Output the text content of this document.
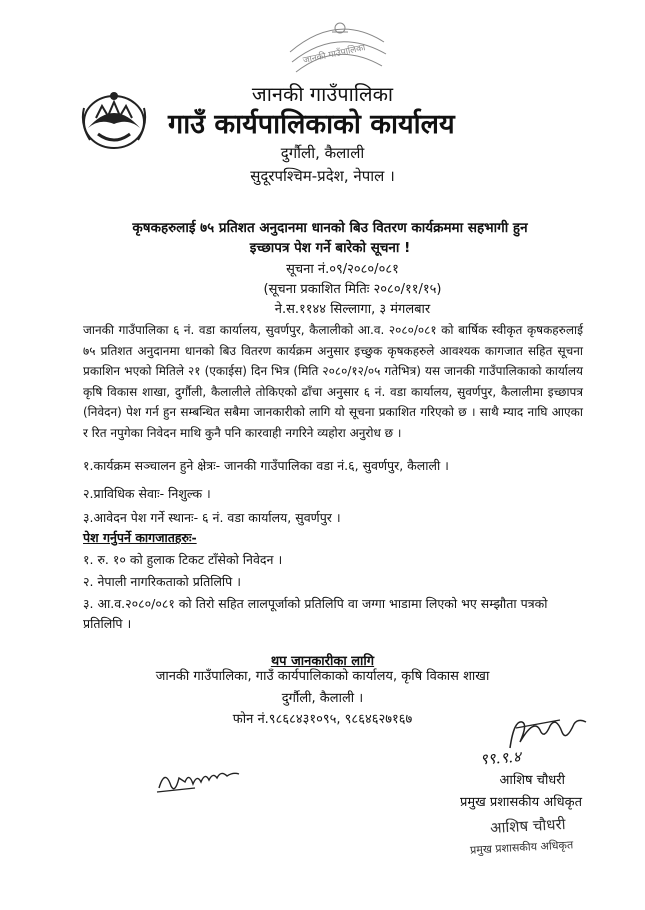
जानकी गाउँपालिका
जानकी गाउँपालिका
गाउँ कार्यपालिकाको कार्यालय
दुर्गौली, कैलाली
सुदूरपश्चिम-प्रदेश, नेपाल ।
कृषकहरुलाई ७५ प्रतिशत अनुदानमा धानको बिउ वितरण कार्यक्रममा सहभागी हुन
इच्छापत्र पेश गर्ने बारेको सूचना !
सूचना नं.०९/२०८०/०८१
(सूचना प्रकाशित मितिः २०८०/११/१५)
ने.स.११४४ सिल्लागा, ३ मंगलबार

जानकी गाउँपालिका ६ नं. वडा कार्यालय, सुवर्णपुर, कैलालीको आ.व. २०८०/०८१ को बार्षिक स्वीकृत कृषकहरुलाई ७५ प्रतिशत अनुदानमा धानको बिउ वितरण कार्यक्रम अनुसार इच्छुक कृषकहरुले आवश्यक कागजात सहित सूचना प्रकाशिन भएको मितिले २१ (एकाईस) दिन भित्र (मिति २०८०/१२/०५ गतेभित्र) यस जानकी गाउँपालिकाको कार्यालय कृषि विकास शाखा, दुर्गौली, कैलालीले तोकिएको ढाँचा अनुसार ६ नं. वडा कार्यालय, सुवर्णपुर, कैलालीमा इच्छापत्र (निवेदन) पेश गर्न हुन सम्बन्धित सबैमा जानकारीको लागि यो सूचना प्रकाशित गरिएको छ । साथै म्याद नाघि आएका र रित नपुगेका निवेदन माथि कुनै पनि कारवाही नगरिने व्यहोरा अनुरोध छ ।

१.कार्यक्रम सञ्चालन हुने क्षेत्रः- जानकी गाउँपालिका वडा नं.६, सुवर्णपुर, कैलाली ।
२.प्राविधिक सेवाः- निशुल्क ।
३.आवेदन पेश गर्ने स्थानः- ६ नं. वडा कार्यालय, सुवर्णपुर ।
पेश गर्नुपर्ने कागजातहरुः-
१. रु. १० को हुलाक टिकट टाँसेको निवेदन ।
२. नेपाली नागरिकताको प्रतिलिपि ।
३. आ.व.२०८०/०८१ को तिरो सहित लालपूर्जाको प्रतिलिपि वा जग्गा भाडामा लिएको भए सम्झौता पत्रको प्रतिलिपि ।
थप जानकारीका लागि
जानकी गाउँपालिका, गाउँ कार्यपालिकाको कार्यालय, कृषि विकास शाखा
दुर्गौली, कैलाली ।
फोन नं.९८६८४३१०९५, ९८६४६२७१६७
९९.९.४
आशिष चौधरी
प्रमुख प्रशासकीय अधिकृत
आशिष चौधरी
प्रमुख प्रशासकीय अधिकृत
